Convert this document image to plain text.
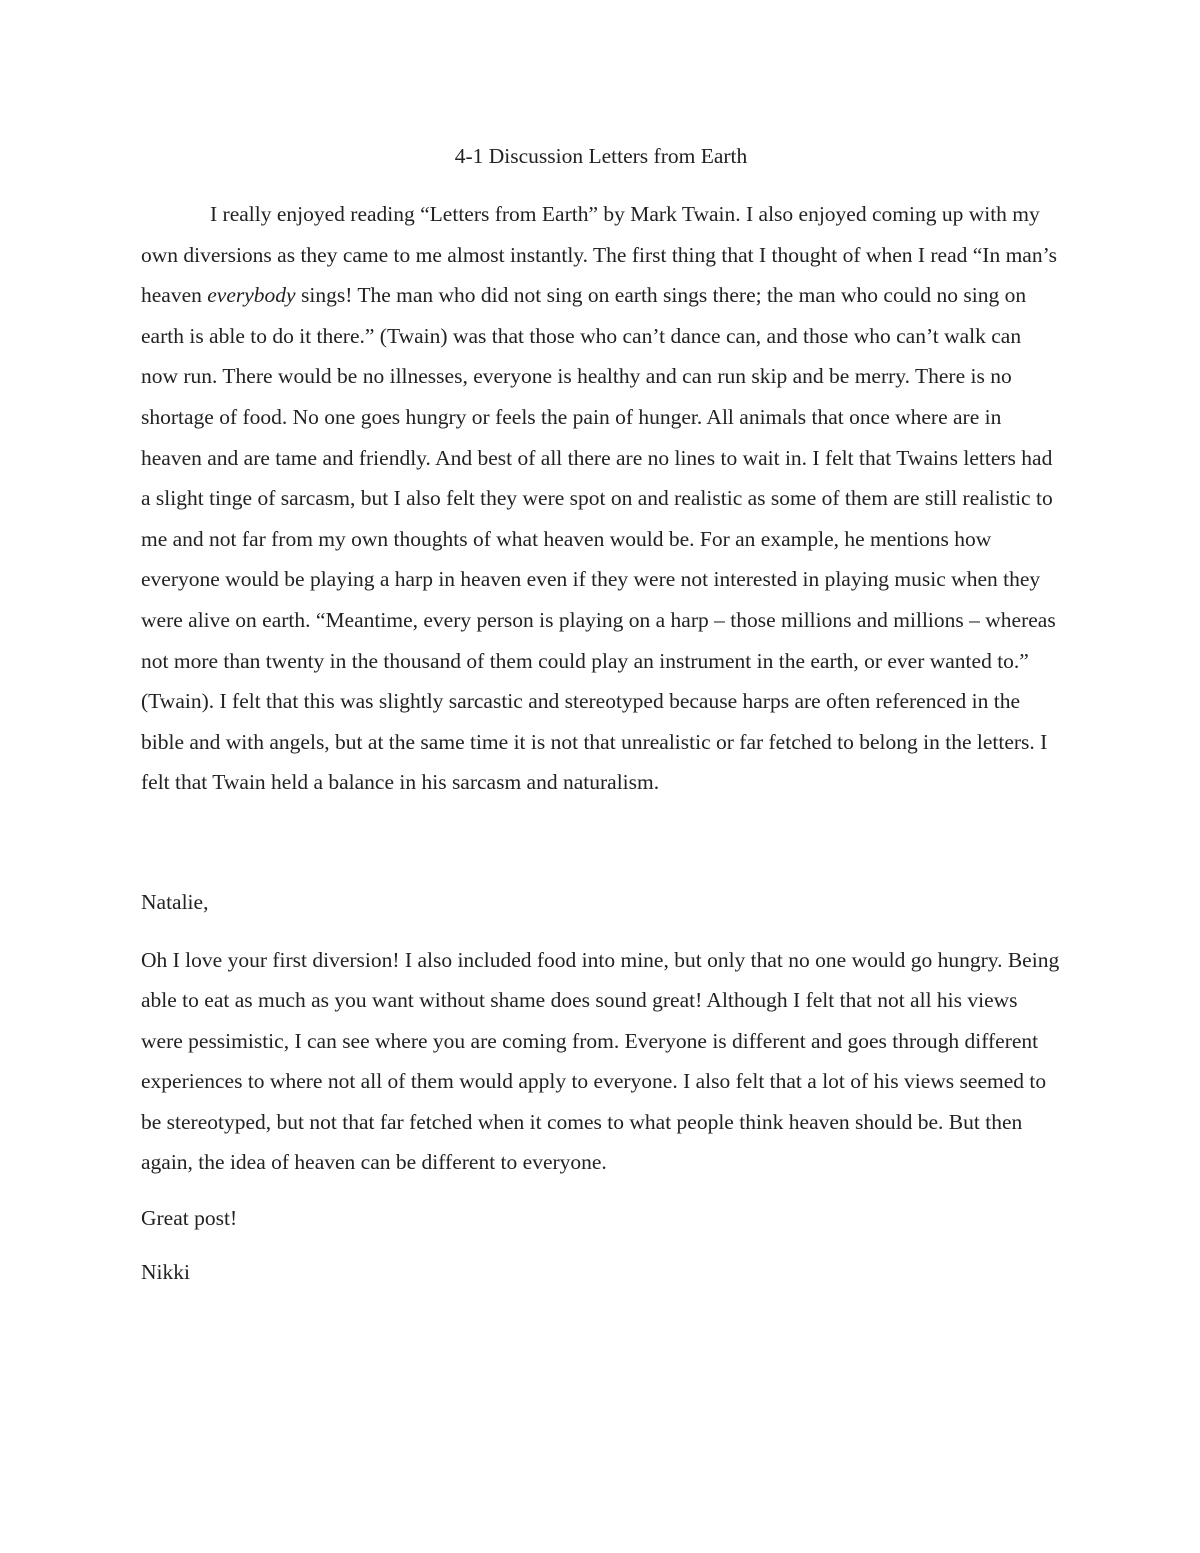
4-1 Discussion Letters from Earth

I really enjoyed reading “Letters from Earth” by Mark Twain. I also enjoyed coming up with my own diversions as they came to me almost instantly. The first thing that I thought of when I read “In man’s heaven everybody sings! The man who did not sing on earth sings there; the man who could no sing on earth is able to do it there.” (Twain) was that those who can’t dance can, and those who can’t walk can now run. There would be no illnesses, everyone is healthy and can run skip and be merry. There is no shortage of food. No one goes hungry or feels the pain of hunger. All animals that once where are in heaven and are tame and friendly. And best of all there are no lines to wait in. I felt that Twains letters had a slight tinge of sarcasm, but I also felt they were spot on and realistic as some of them are still realistic to me and not far from my own thoughts of what heaven would be. For an example, he mentions how everyone would be playing a harp in heaven even if they were not interested in playing music when they were alive on earth. “Meantime, every person is playing on a harp – those millions and millions – whereas not more than twenty in the thousand of them could play an instrument in the earth, or ever wanted to.” (Twain). I felt that this was slightly sarcastic and stereotyped because harps are often referenced in the bible and with angels, but at the same time it is not that unrealistic or far fetched to belong in the letters. I felt that Twain held a balance in his sarcasm and naturalism.

Natalie,

Oh I love your first diversion! I also included food into mine, but only that no one would go hungry. Being able to eat as much as you want without shame does sound great! Although I felt that not all his views were pessimistic, I can see where you are coming from. Everyone is different and goes through different experiences to where not all of them would apply to everyone. I also felt that a lot of his views seemed to be stereotyped, but not that far fetched when it comes to what people think heaven should be. But then again, the idea of heaven can be different to everyone.

Great post!

Nikki
